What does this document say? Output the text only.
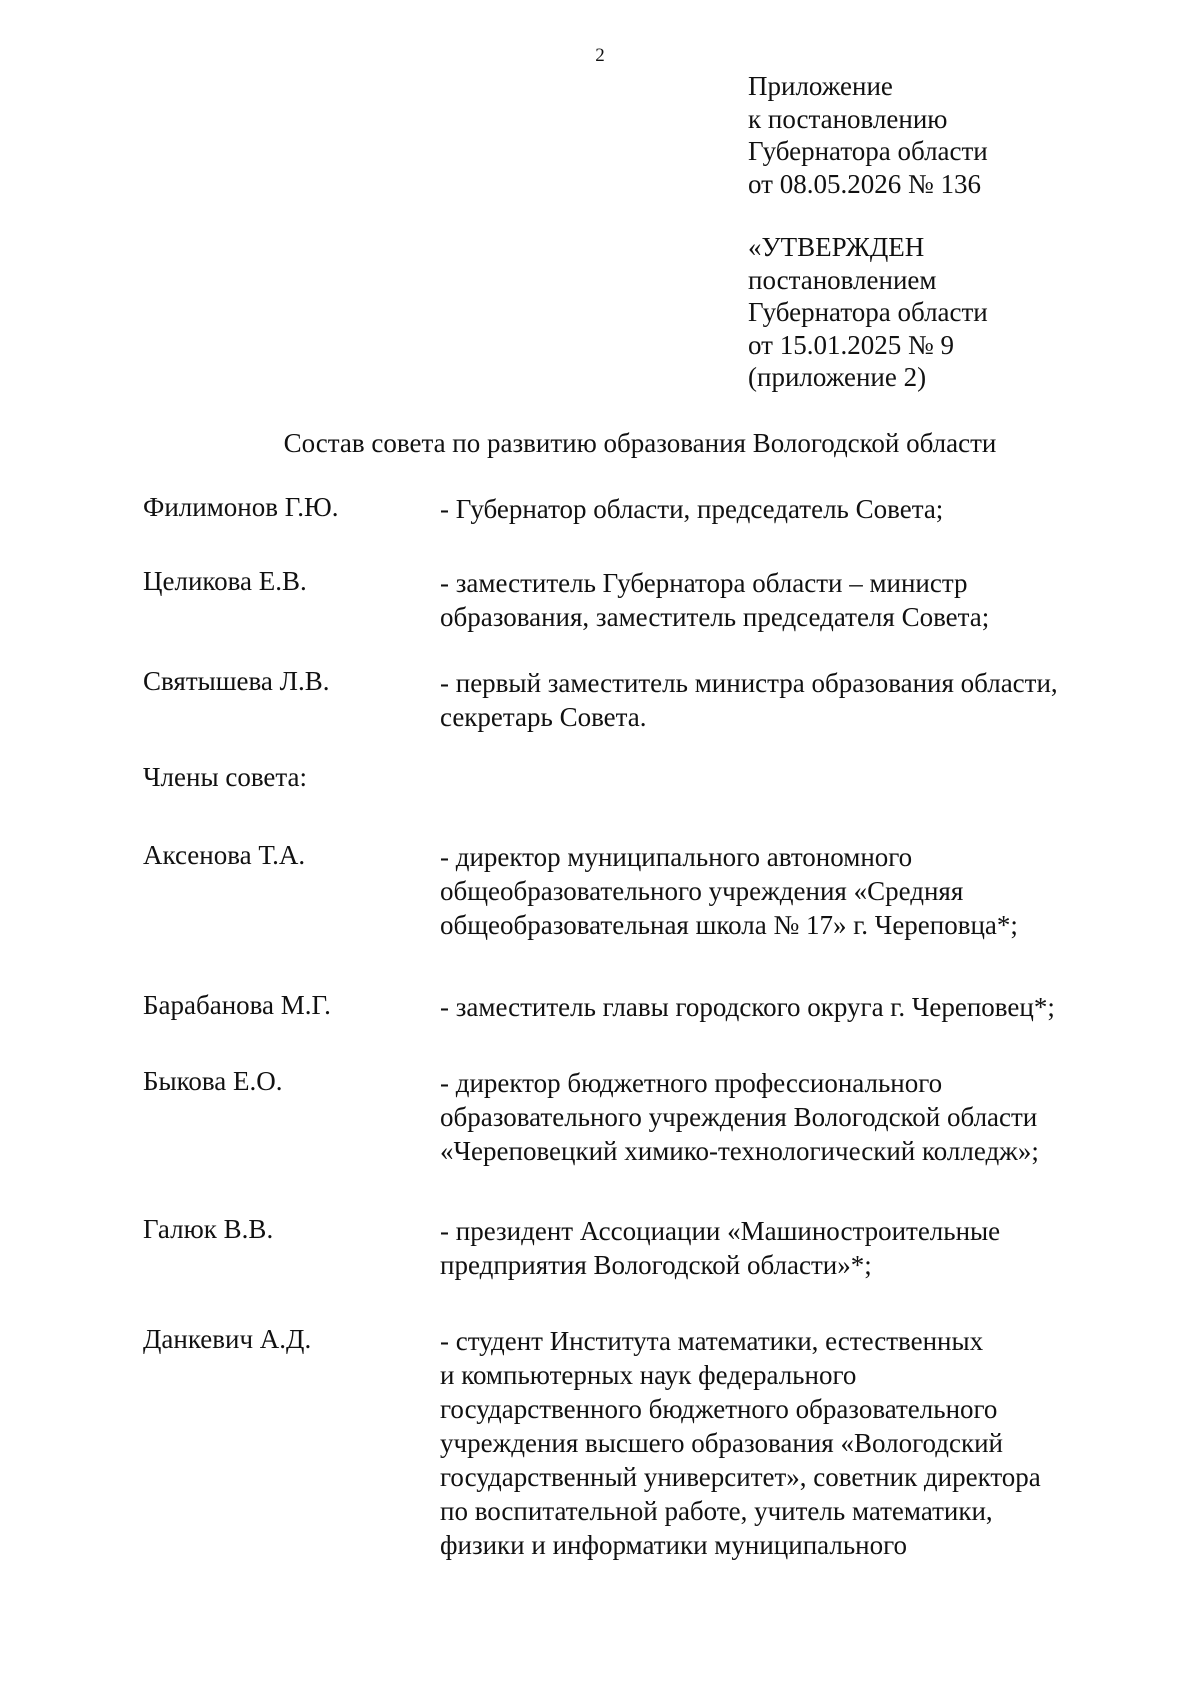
2
Приложение
к постановлению
Губернатора области
от 08.05.2026 № 136
«УТВЕРЖДЕН
постановлением
Губернатора области
от 15.01.2025 № 9
(приложение 2)
Состав совета по развитию образования Вологодской области
Филимонов Г.Ю.	- Губернатор области, председатель Совета;
Целикова Е.В.	- заместитель Губернатора области – министр
образования, заместитель председателя Совета;
Святышева Л.В.	- первый заместитель министра образования области,
секретарь Совета.
Члены совета:
Аксенова Т.А.	- директор муниципального автономного
общеобразовательного учреждения «Средняя
общеобразовательная школа № 17» г. Череповца*;
Барабанова М.Г.	- заместитель главы городского округа г. Череповец*;
Быкова Е.О.	- директор бюджетного профессионального
образовательного учреждения Вологодской области
«Череповецкий химико-технологический колледж»;
Галюк В.В.	- президент Ассоциации «Машиностроительные
предприятия Вологодской области»*;
Данкевич А.Д.	- студент Института математики, естественных
и компьютерных наук федерального
государственного бюджетного образовательного
учреждения высшего образования «Вологодский
государственный университет», советник директора
по воспитательной работе, учитель математики,
физики и информатики муниципального
